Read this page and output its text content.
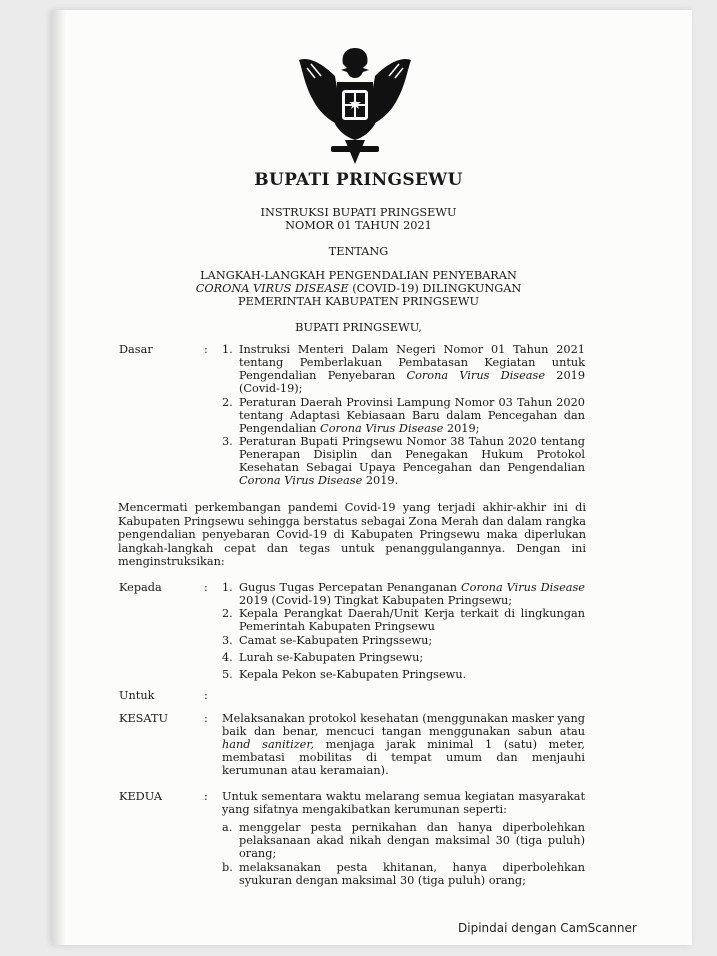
BUPATI PRINGSEWU
INSTRUKSI BUPATI PRINGSEWU
NOMOR 01 TAHUN 2021
TENTANG
LANGKAH-LANGKAH PENGENDALIAN PENYEBARAN
CORONA VIRUS DISEASE (COVID-19) DILINGKUNGAN
PEMERINTAH KABUPATEN PRINGSEWU
BUPATI PRINGSEWU,
Dasar	: 1. Instruksi Menteri Dalam Negeri Nomor 01 Tahun 2021 tentang Pemberlakuan Pembatasan Kegiatan untuk Pengendalian Penyebaran Corona Virus Disease 2019 (Covid-19);
2. Peraturan Daerah Provinsi Lampung Nomor 03 Tahun 2020 tentang Adaptasi Kebiasaan Baru dalam Pencegahan dan Pengendalian Corona Virus Disease 2019;
3. Peraturan Bupati Pringsewu Nomor 38 Tahun 2020 tentang Penerapan Disiplin dan Penegakan Hukum Protokol Kesehatan Sebagai Upaya Pencegahan dan Pengendalian Corona Virus Disease 2019.
Mencermati perkembangan pandemi Covid-19 yang terjadi akhir-akhir ini di Kabupaten Pringsewu sehingga berstatus sebagai Zona Merah dan dalam rangka pengendalian penyebaran Covid-19 di Kabupaten Pringsewu maka diperlukan langkah-langkah cepat dan tegas untuk penanggulangannya. Dengan ini menginstruksikan:
Kepada	: 1. Gugus Tugas Percepatan Penanganan Corona Virus Disease 2019 (Covid-19) Tingkat Kabupaten Pringsewu;
2. Kepala Perangkat Daerah/Unit Kerja terkait di lingkungan Pemerintah Kabupaten Pringsewu
3. Camat se-Kabupaten Pringssewu;
4. Lurah se-Kabupaten Pringsewu;
5. Kepala Pekon se-Kabupaten Pringsewu.
Untuk	:
KESATU	: Melaksanakan protokol kesehatan (menggunakan masker yang baik dan benar, mencuci tangan menggunakan sabun atau hand sanitizer, menjaga jarak minimal 1 (satu) meter, membatasi mobilitas di tempat umum dan menjauhi kerumunan atau keramaian).
KEDUA	: Untuk sementara waktu melarang semua kegiatan masyarakat yang sifatnya mengakibatkan kerumunan seperti:
a. menggelar pesta pernikahan dan hanya diperbolehkan pelaksanaan akad nikah dengan maksimal 30 (tiga puluh) orang;
b. melaksanakan pesta khitanan, hanya diperbolehkan syukuran dengan maksimal 30 (tiga puluh) orang;
Dipindai dengan CamScanner
